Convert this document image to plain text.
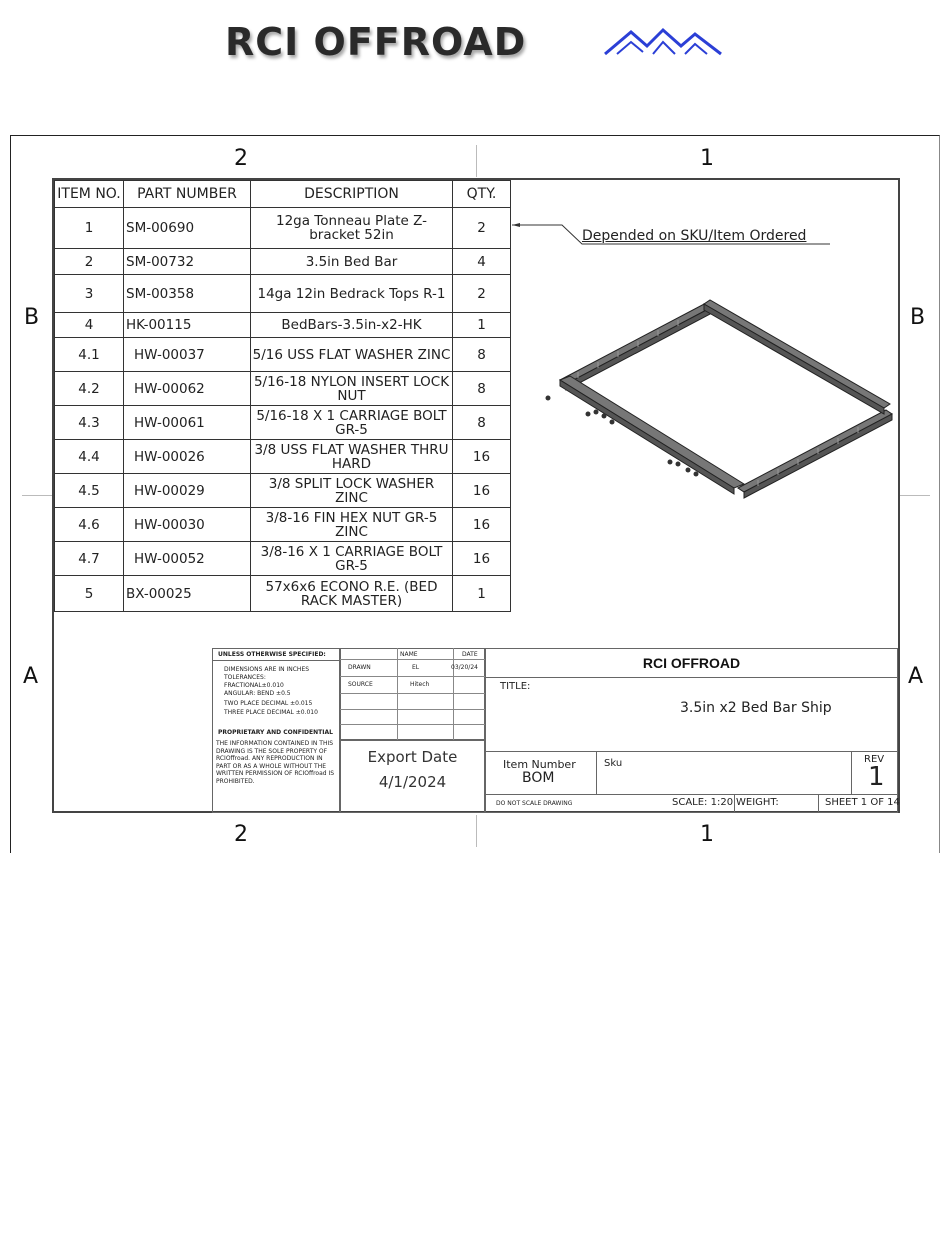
RCI OFFROAD
2	1
2	1
B	B
A	A
ITEM NO.	PART NUMBER	DESCRIPTION	QTY.
1	SM-00690	12ga Tonneau Plate Z-bracket 52in	2
2	SM-00732	3.5in Bed Bar	4
3	SM-00358	14ga 12in Bedrack Tops R-1	2
4	HK-00115	BedBars-3.5in-x2-HK	1
4.1	HW-00037	5/16 USS FLAT WASHER ZINC	8
4.2	HW-00062	5/16-18 NYLON INSERT LOCK NUT	8
4.3	HW-00061	5/16-18 X 1 CARRIAGE BOLT GR-5	8
4.4	HW-00026	3/8 USS FLAT WASHER THRU HARD	16
4.5	HW-00029	3/8 SPLIT LOCK WASHER ZINC	16
4.6	HW-00030	3/8-16 FIN HEX NUT GR-5 ZINC	16
4.7	HW-00052	3/8-16 X 1 CARRIAGE BOLT GR-5	16
5	BX-00025	57x6x6 ECONO R.E. (BED RACK MASTER)	1
Depended on SKU/Item Ordered
UNLESS OTHERWISE SPECIFIED:
DIMENSIONS ARE IN INCHES
TOLERANCES:
FRACTIONAL±0.010
ANGULAR: BEND ±0.5
TWO PLACE DECIMAL ±0.015
THREE PLACE DECIMAL ±0.010
PROPRIETARY AND CONFIDENTIAL
THE INFORMATION CONTAINED IN THIS DRAWING IS THE SOLE PROPERTY OF RCIOffroad. ANY REPRODUCTION IN PART OR AS A WHOLE WITHOUT THE WRITTEN PERMISSION OF RCIOffroad IS PROHIBITED.
NAME	DATE
DRAWN	EL	03/20/24
SOURCE	Hitech
Export Date
4/1/2024
RCI OFFROAD
TITLE:
3.5in x2 Bed Bar Ship
Item Number
BOM
Sku	REV
1
DO NOT SCALE DRAWING	SCALE: 1:20 WEIGHT:	SHEET 1 OF 14
